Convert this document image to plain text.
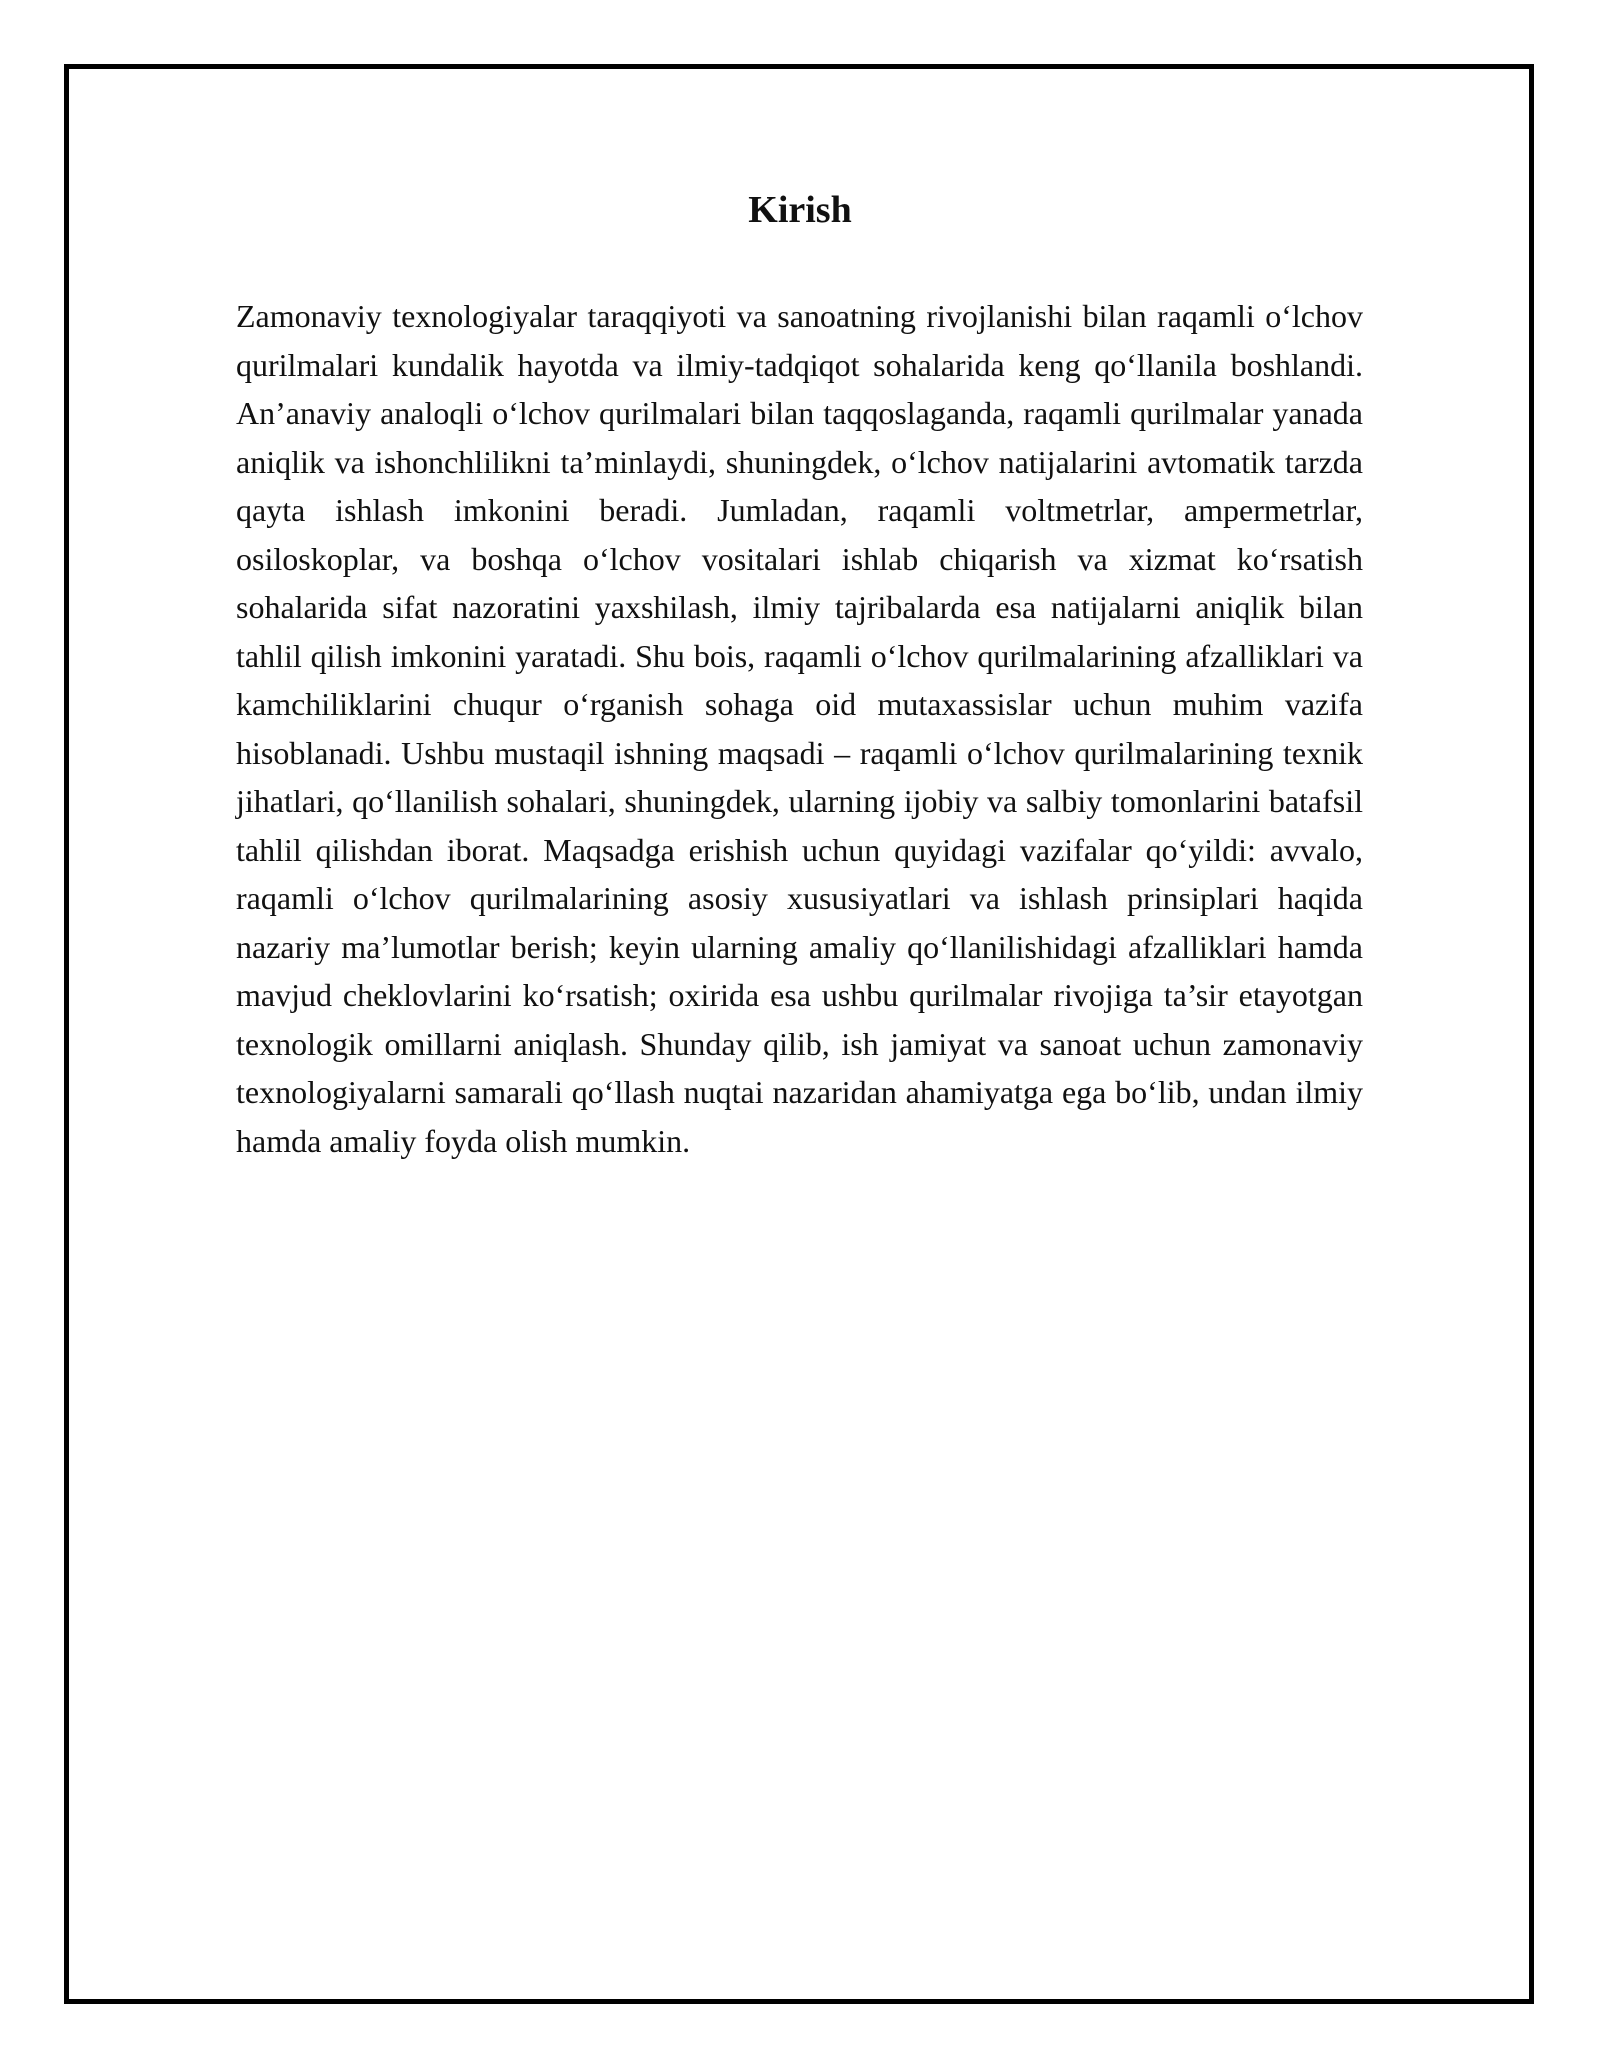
Kirish

Zamonaviy texnologiyalar taraqqiyoti va sanoatning rivojlanishi bilan raqamli o‘lchov qurilmalari kundalik hayotda va ilmiy-tadqiqot sohalarida keng qo‘llanila boshlandi. An’anaviy analoqli o‘lchov qurilmalari bilan taqqoslaganda, raqamli qurilmalar yanada aniqlik va ishonchlilikni ta’minlaydi, shuningdek, o‘lchov natijalarini avtomatik tarzda qayta ishlash imkonini beradi. Jumladan, raqamli voltmetrlar, ampermetrlar, osiloskoplar, va boshqa o‘lchov vositalari ishlab chiqarish va xizmat ko‘rsatish sohalarida sifat nazoratini yaxshilash, ilmiy tajribalarda esa natijalarni aniqlik bilan tahlil qilish imkonini yaratadi. Shu bois, raqamli o‘lchov qurilmalarining afzalliklari va kamchiliklarini chuqur o‘rganish sohaga oid mutaxassislar uchun muhim vazifa hisoblanadi. Ushbu mustaqil ishning maqsadi – raqamli o‘lchov qurilmalarining texnik jihatlari, qo‘llanilish sohalari, shuningdek, ularning ijobiy va salbiy tomonlarini batafsil tahlil qilishdan iborat. Maqsadga erishish uchun quyidagi vazifalar qo‘yildi: avvalo, raqamli o‘lchov qurilmalarining asosiy xususiyatlari va ishlash prinsiplari haqida nazariy ma’lumotlar berish; keyin ularning amaliy qo‘llanilishidagi afzalliklari hamda mavjud cheklovlarini ko‘rsatish; oxirida esa ushbu qurilmalar rivojiga ta’sir etayotgan texnologik omillarni aniqlash. Shunday qilib, ish jamiyat va sanoat uchun zamonaviy texnologiyalarni samarali qo‘llash nuqtai nazaridan ahamiyatga ega bo‘lib, undan ilmiy hamda amaliy foyda olish mumkin.
